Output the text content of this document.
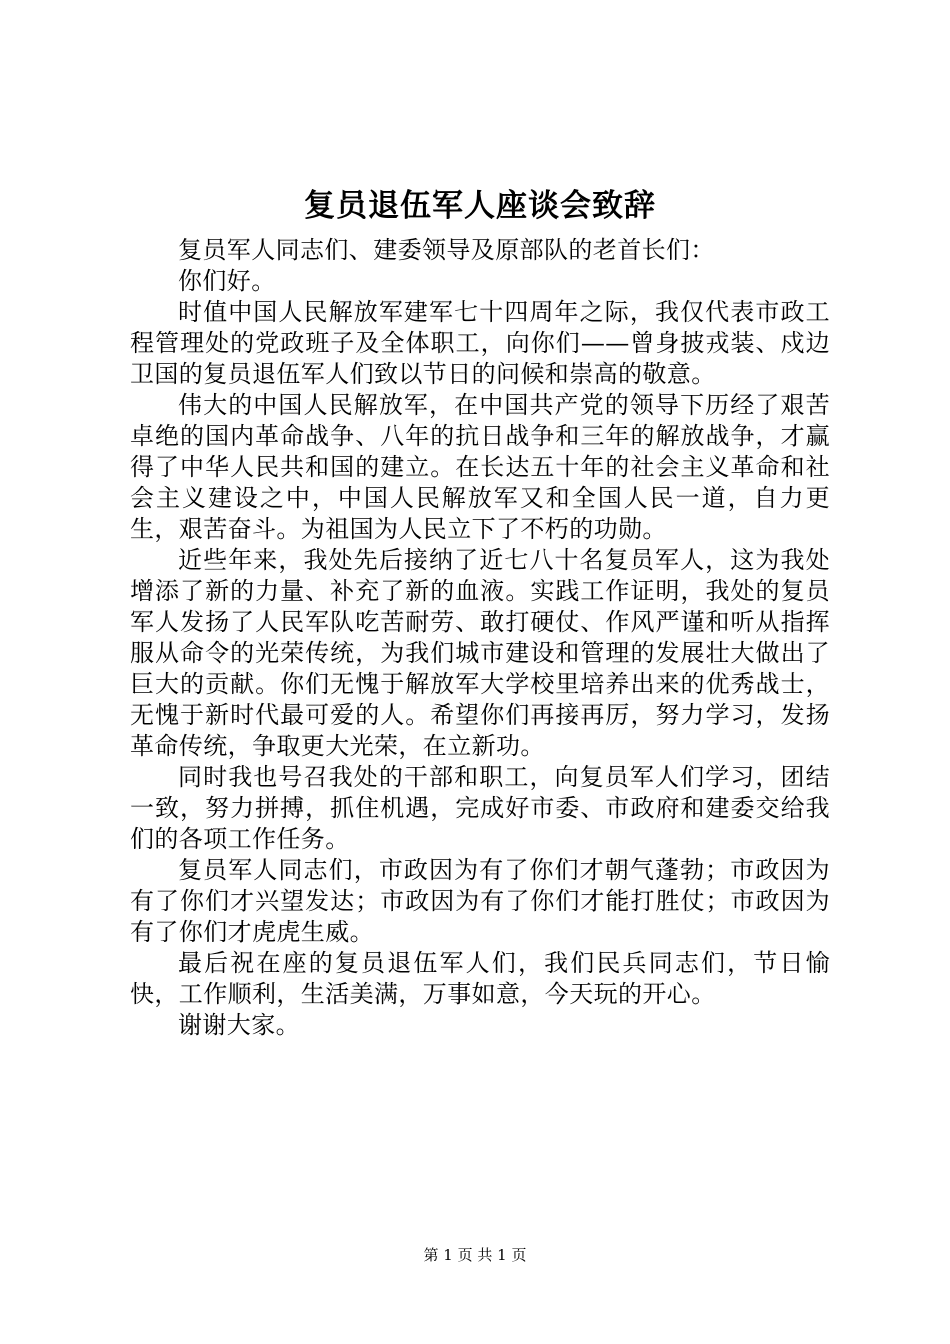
复员退伍军人座谈会致辞

复员军人同志们、建委领导及原部队的老首长们：

你们好。

时值中国人民解放军建军七十四周年之际，我仅代表市政工程管理处的党政班子及全体职工，向你们——曾身披戎装、戍边卫国的复员退伍军人们致以节日的问候和崇高的敬意。

伟大的中国人民解放军，在中国共产党的领导下历经了艰苦卓绝的国内革命战争、八年的抗日战争和三年的解放战争，才赢得了中华人民共和国的建立。在长达五十年的社会主义革命和社会主义建设之中，中国人民解放军又和全国人民一道，自力更生，艰苦奋斗。为祖国为人民立下了不朽的功勋。

近些年来，我处先后接纳了近七八十名复员军人，这为我处增添了新的力量、补充了新的血液。实践工作证明，我处的复员军人发扬了人民军队吃苦耐劳、敢打硬仗、作风严谨和听从指挥服从命令的光荣传统，为我们城市建设和管理的发展壮大做出了巨大的贡献。你们无愧于解放军大学校里培养出来的优秀战士，无愧于新时代最可爱的人。希望你们再接再厉，努力学习，发扬革命传统，争取更大光荣，在立新功。

同时我也号召我处的干部和职工，向复员军人们学习，团结一致，努力拼搏，抓住机遇，完成好市委、市政府和建委交给我们的各项工作任务。

复员军人同志们，市政因为有了你们才朝气蓬勃；市政因为有了你们才兴望发达；市政因为有了你们才能打胜仗；市政因为有了你们才虎虎生威。

最后祝在座的复员退伍军人们，我们民兵同志们，节日愉快，工作顺利，生活美满，万事如意，今天玩的开心。

谢谢大家。

第 1 页 共 1 页
